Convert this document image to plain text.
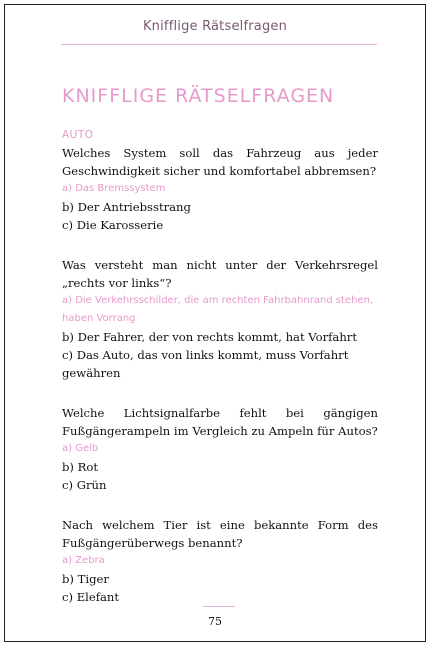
Knifflige Rätselfragen
KNIFFLIGE RÄTSELFRAGEN
AUTO

Welches System soll das Fahrzeug aus jeder Geschwindigkeit sicher und komfortabel abbremsen?

a) Das Bremssystem

b) Der Antriebsstrang

c) Die Karosserie

Was versteht man nicht unter der Verkehrsregel „rechts vor links“?

a) Die Verkehrsschilder, die am rechten Fahrbahnrand stehen, haben Vorrang

b) Der Fahrer, der von rechts kommt, hat Vorfahrt

c) Das Auto, das von links kommt, muss Vorfahrt gewähren

Welche Lichtsignalfarbe fehlt bei gängigen Fußgängerampeln im Vergleich zu Ampeln für Autos?

a) Gelb

b) Rot

c) Grün

Nach welchem Tier ist eine bekannte Form des Fußgängerüberwegs benannt?

a) Zebra

b) Tiger

c) Elefant

75
